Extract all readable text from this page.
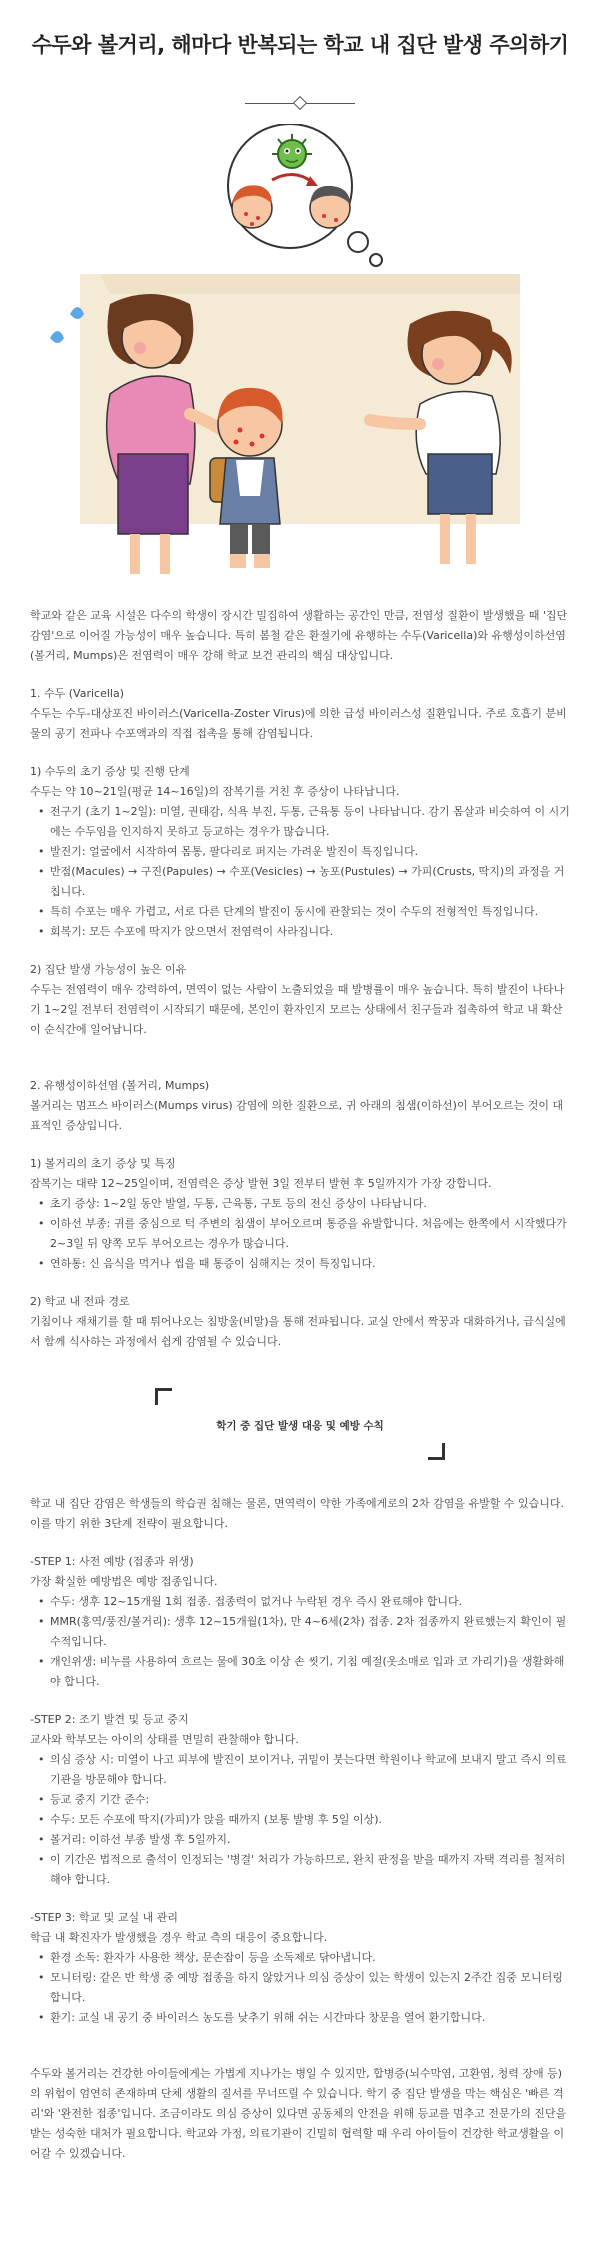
수두와 볼거리, 해마다 반복되는 학교 내 집단 발생 주의하기

학교와 같은 교육 시설은 다수의 학생이 장시간 밀집하여 생활하는 공간인 만큼, 전염성 질환이 발생했을 때 '집단 감염'으로 이어질 가능성이 매우 높습니다. 특히 봄철 같은 환절기에 유행하는 수두(Varicella)와 유행성이하선염(볼거리, Mumps)은 전염력이 매우 강해 학교 보건 관리의 핵심 대상입니다.

1. 수두 (Varicella)

수두는 수두-대상포진 바이러스(Varicella-Zoster Virus)에 의한 급성 바이러스성 질환입니다. 주로 호흡기 분비물의 공기 전파나 수포액과의 직접 접촉을 통해 감염됩니다.

1) 수두의 초기 증상 및 진행 단계

수두는 약 10~21일(평균 14~16일)의 잠복기를 거친 후 증상이 나타납니다.

• 전구기 (초기 1~2일): 미열, 권태감, 식욕 부진, 두통, 근육통 등이 나타납니다. 감기 몸살과 비슷하여 이 시기에는 수두임을 인지하지 못하고 등교하는 경우가 많습니다.
• 발진기: 얼굴에서 시작하여 몸통, 팔다리로 퍼지는 가려운 발진이 특징입니다.
• 반점(Macules) → 구진(Papules) → 수포(Vesicles) → 농포(Pustules) → 가피(Crusts, 딱지)의 과정을 거칩니다.
• 특히 수포는 매우 가렵고, 서로 다른 단계의 발진이 동시에 관찰되는 것이 수두의 전형적인 특징입니다.
• 회복기: 모든 수포에 딱지가 앉으면서 전염력이 사라집니다.

2) 집단 발생 가능성이 높은 이유

수두는 전염력이 매우 강력하여, 면역이 없는 사람이 노출되었을 때 발병률이 매우 높습니다. 특히 발진이 나타나기 1~2일 전부터 전염력이 시작되기 때문에, 본인이 환자인지 모르는 상태에서 친구들과 접촉하여 학교 내 확산이 순식간에 일어납니다.

2. 유행성이하선염 (볼거리, Mumps)

볼거리는 멈프스 바이러스(Mumps virus) 감염에 의한 질환으로, 귀 아래의 침샘(이하선)이 부어오르는 것이 대표적인 증상입니다.

1) 볼거리의 초기 증상 및 특징

잠복기는 대략 12~25일이며, 전염력은 증상 발현 3일 전부터 발현 후 5일까지가 가장 강합니다.

• 초기 증상: 1~2일 동안 발열, 두통, 근육통, 구토 등의 전신 증상이 나타납니다.
• 이하선 부종: 귀를 중심으로 턱 주변의 침샘이 부어오르며 통증을 유발합니다. 처음에는 한쪽에서 시작했다가 2~3일 뒤 양쪽 모두 부어오르는 경우가 많습니다.
• 연하통: 신 음식을 먹거나 씹을 때 통증이 심해지는 것이 특징입니다.

2) 학교 내 전파 경로

기침이나 재채기를 할 때 튀어나오는 침방울(비말)을 통해 전파됩니다. 교실 안에서 짝꿍과 대화하거나, 급식실에서 함께 식사하는 과정에서 쉽게 감염될 수 있습니다.

학기 중 집단 발생 대응 및 예방 수칙

학교 내 집단 감염은 학생들의 학습권 침해는 물론, 면역력이 약한 가족에게로의 2차 감염을 유발할 수 있습니다. 이를 막기 위한 3단계 전략이 필요합니다.

-STEP 1: 사전 예방 (접종과 위생)

가장 확실한 예방법은 예방 접종입니다.

• 수두: 생후 12~15개월 1회 접종. 접종력이 없거나 누락된 경우 즉시 완료해야 합니다.
• MMR(홍역/풍진/볼거리): 생후 12~15개월(1차), 만 4~6세(2차) 접종. 2차 접종까지 완료했는지 확인이 필수적입니다.
• 개인위생: 비누를 사용하여 흐르는 물에 30초 이상 손 씻기, 기침 예절(옷소매로 입과 코 가리기)을 생활화해야 합니다.

-STEP 2: 조기 발견 및 등교 중지

교사와 학부모는 아이의 상태를 면밀히 관찰해야 합니다.

• 의심 증상 시: 미열이 나고 피부에 발진이 보이거나, 귀밑이 붓는다면 학원이나 학교에 보내지 말고 즉시 의료기관을 방문해야 합니다.
• 등교 중지 기간 준수:
• 수두: 모든 수포에 딱지(가피)가 앉을 때까지 (보통 발병 후 5일 이상).
• 볼거리: 이하선 부종 발생 후 5일까지.
• 이 기간은 법적으로 출석이 인정되는 '병결' 처리가 가능하므로, 완치 판정을 받을 때까지 자택 격리를 철저히 해야 합니다.

-STEP 3: 학교 및 교실 내 관리

학급 내 확진자가 발생했을 경우 학교 측의 대응이 중요합니다.

• 환경 소독: 환자가 사용한 책상, 문손잡이 등을 소독제로 닦아냅니다.
• 모니터링: 같은 반 학생 중 예방 접종을 하지 않았거나 의심 증상이 있는 학생이 있는지 2주간 집중 모니터링합니다.
• 환기: 교실 내 공기 중 바이러스 농도를 낮추기 위해 쉬는 시간마다 창문을 열어 환기합니다.

수두와 볼거리는 건강한 아이들에게는 가볍게 지나가는 병일 수 있지만, 합병증(뇌수막염, 고환염, 청력 장애 등)의 위험이 엄연히 존재하며 단체 생활의 질서를 무너뜨릴 수 있습니다. 학기 중 집단 발생을 막는 핵심은 '빠른 격리'와 '완전한 접종'입니다. 조금이라도 의심 증상이 있다면 공동체의 안전을 위해 등교를 멈추고 전문가의 진단을 받는 성숙한 대처가 필요합니다. 학교와 가정, 의료기관이 긴밀히 협력할 때 우리 아이들이 건강한 학교생활을 이어갈 수 있겠습니다.
